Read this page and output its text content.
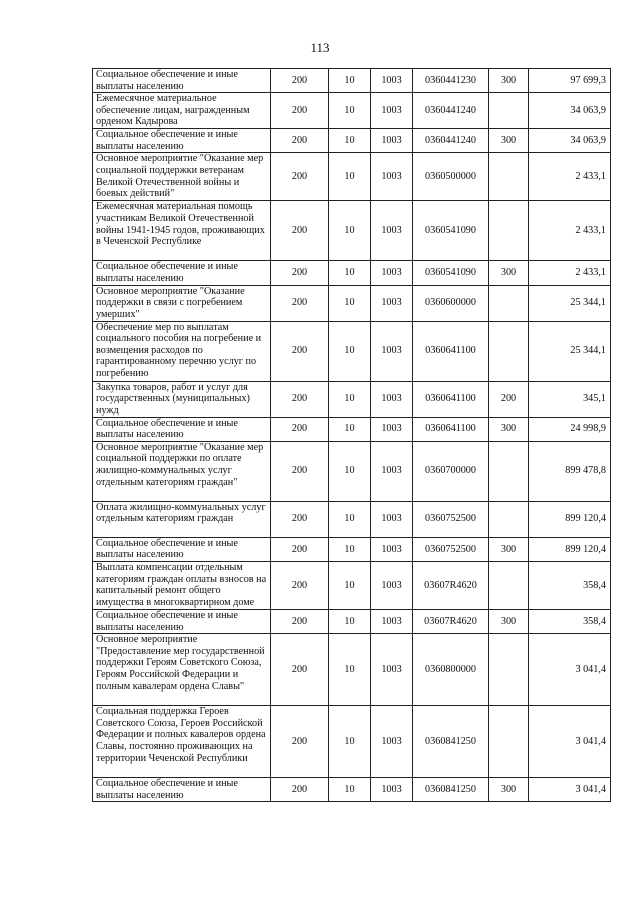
113
Социальное обеспечение и иные выплаты населению	200	10	1003	0360441230	300	97 699,3
Ежемесячное материальное обеспечение лицам, награжденным орденом Кадырова	200	10	1003	0360441240		34 063,9
Социальное обеспечение и иные выплаты населению	200	10	1003	0360441240	300	34 063,9
Основное мероприятие "Оказание мер социальной поддержки ветеранам Великой Отечественной войны и боевых действий"	200	10	1003	0360500000		2 433,1
Ежемесячная материальная помощь участникам Великой Отечественной войны 1941-1945 годов, проживающих в Чеченской Республике	200	10	1003	0360541090		2 433,1
Социальное обеспечение и иные выплаты населению	200	10	1003	0360541090	300	2 433,1
Основное мероприятие "Оказание поддержки в связи с погребением умерших"	200	10	1003	0360600000		25 344,1
Обеспечение мер по выплатам социального пособия на погребение и возмещения расходов по гарантированному перечню услуг по погребению	200	10	1003	0360641100		25 344,1
Закупка товаров, работ и услуг для государственных (муниципальных) нужд	200	10	1003	0360641100	200	345,1
Социальное обеспечение и иные выплаты населению	200	10	1003	0360641100	300	24 998,9
Основное мероприятие "Оказание мер социальной поддержки по оплате жилищно-коммунальных услуг отдельным категориям граждан"	200	10	1003	0360700000		899 478,8
Оплата жилищно-коммунальных услуг отдельным категориям граждан	200	10	1003	0360752500		899 120,4
Социальное обеспечение и иные выплаты населению	200	10	1003	0360752500	300	899 120,4
Выплата компенсации отдельным категориям граждан оплаты взносов на капитальный ремонт общего имущества в многоквартирном доме	200	10	1003	03607R4620		358,4
Социальное обеспечение и иные выплаты населению	200	10	1003	03607R4620	300	358,4
Основное мероприятие "Предоставление мер государственной поддержки Героям Советского Союза, Героям Российской Федерации и полным кавалерам ордена Славы"	200	10	1003	0360800000		3 041,4
Социальная поддержка Героев Советского Союза, Героев Российской Федерации и полных кавалеров ордена Славы, постоянно проживающих на территории Чеченской Республики	200	10	1003	0360841250		3 041,4
Социальное обеспечение и иные выплаты населению	200	10	1003	0360841250	300	3 041,4
